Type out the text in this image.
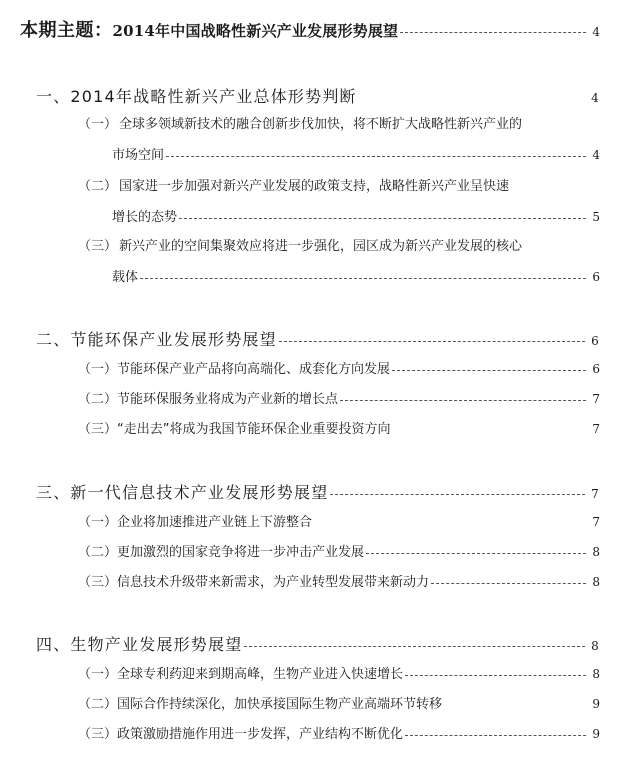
本期主题： 2014年中国战略性新兴产业发展形势展望	4
一、2014年战略性新兴产业总体形势判断	4
（一） 全球多领域新技术的融合创新步伐加快，将不断扩大战略性新兴产业的
市场空间	4
（二） 国家进一步加强对新兴产业发展的政策支持，战略性新兴产业呈快速
增长的态势	5
（三） 新兴产业的空间集聚效应将进一步强化，园区成为新兴产业发展的核心
载体	6
二、节能环保产业发展形势展望	6
（一） 节能环保产业产品将向高端化、成套化方向发展	6
（二） 节能环保服务业将成为产业新的增长点	7
（三） “走出去”将成为我国节能环保企业重要投资方向	7
三、新一代信息技术产业发展形势展望	7
（一） 企业将加速推进产业链上下游整合	7
（二） 更加激烈的国家竞争将进一步冲击产业发展	8
（三） 信息技术升级带来新需求，为产业转型发展带来新动力	8
四、生物产业发展形势展望	8
（一） 全球专利药迎来到期高峰，生物产业进入快速增长	8
（二） 国际合作持续深化，加快承接国际生物产业高端环节转移	9
（三） 政策激励措施作用进一步发挥，产业结构不断优化	9
